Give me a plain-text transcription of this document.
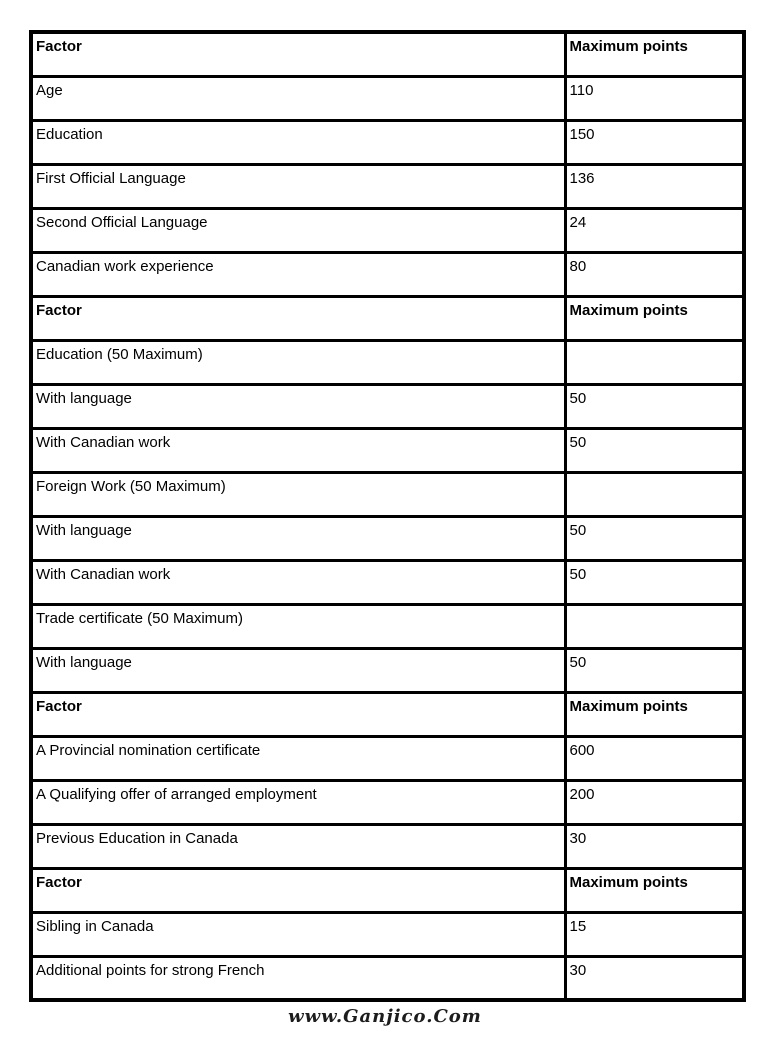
Factor	Maximum points
Age	110
Education	150
First Official Language	136
Second Official Language	24
Canadian work experience	80
Factor	Maximum points
Education (50 Maximum)	
With language	50
With Canadian work	50
Foreign Work (50 Maximum)	
With language	50
With Canadian work	50
Trade certificate (50 Maximum)	
With language	50
Factor	Maximum points
A Provincial nomination certificate	600
A Qualifying offer of arranged employment	200
Previous Education in Canada	30
Factor	Maximum points
Sibling in Canada	15
Additional points for strong French	30
www.Ganjico.Com
